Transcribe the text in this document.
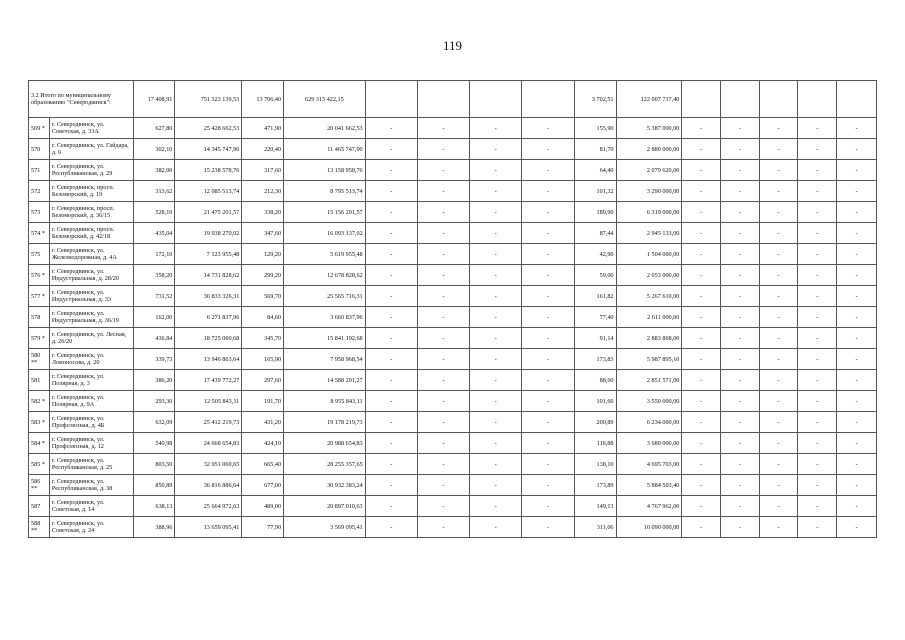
119
3.2 Итого по муниципальному образованию "Северодвинск":		17 408,91	751 323 139,53	13 706,40	629 315 422,15					3 702,51	122 007 717,40					
569 *	г. Северодвинск, ул. Советская, д. 33А	627,80	25 428 662,53	471,90	20 041 662,53	-	-	-	-	155,90	5 387 000,00	-	-	-	-	-
570	г. Северодвинск, ул. Гайдара, д. 6	302,10	14 345 747,90	220,40	11 465 747,90	-	-	-	-	81,70	2 880 000,00	-	-	-	-	-
571	г. Северодвинск, ул. Республиканская, д. 29	382,00	15 238 578,76	317,60	13 158 958,76	-	-	-	-	64,40	2 079 620,00	-	-	-	-	-
572	г. Северодвинск, просп. Беломорский, д. 19	313,62	12 085 513,74	212,30	8 795 513,74	-	-	-	-	101,32	3 290 000,00	-	-	-	-	-
573	г. Северодвинск, просп. Беломорский, д. 36/15	528,10	21 475 201,57	338,20	15 156 201,57	-	-	-	-	189,90	6 319 000,00	-	-	-	-	-
574 *	г. Северодвинск, просп. Беломорский, д. 42/18	435,04	19 038 270,02	347,60	16 093 137,02	-	-	-	-	87,44	2 945 133,00	-	-	-	-	-
575	г. Северодвинск, ул. Железнодорожная, д. 4А	172,10	7 123 955,48	129,20	5 619 955,48	-	-	-	-	42,90	1 504 000,00	-	-	-	-	-
576 *	г. Северодвинск, ул. Индустриальная, д. 28/20	358,20	14 731 828,62	299,20	12 678 828,62	-	-	-	-	59,00	2 053 000,00	-	-	-	-	-
577 *	г. Северодвинск, ул. Индустриальная, д. 33	731,52	30 833 326,31	569,70	25 565 716,31	-	-	-	-	161,82	5 267 610,00	-	-	-	-	-
578	г. Северодвинск, ул. Индустриальная, д. 36/19	162,00	6 271 837,96	84,60	3 660 837,96	-	-	-	-	77,40	2 611 000,00	-	-	-	-	-
579 *	г. Северодвинск, ул. Лесная, д. 26/20	436,84	18 725 060,68	345,70	15 841 192,68	-	-	-	-	91,14	2 883 868,00	-	-	-	-	-
580 **	г. Северодвинск, ул. Ломоносова, д. 20	339,73	13 946 863,64	165,90	7 958 968,54	-	-	-	-	173,83	5 987 895,10	-	-	-	-	-
581	г. Северодвинск, ул. Полярная, д. 3	386,20	17 439 772,27	297,60	14 588 201,27	-	-	-	-	88,60	2 851 571,00	-	-	-	-	-
582 *	г. Северодвинск, ул. Полярная, д. 9А	293,30	12 505 843,11	191,70	8 955 843,11	-	-	-	-	101,60	3 550 000,00	-	-	-	-	-
583 *	г. Северодвинск, ул. Профсоюзная, д. 4Б	632,09	25 412 219,73	431,20	19 178 219,73	-	-	-	-	200,89	6 234 000,00	-	-	-	-	-
584 *	г. Северодвинск, ул. Профсоюзная, д. 12	540,98	24 668 654,83	424,10	20 988 654,83	-	-	-	-	116,88	3 680 000,00	-	-	-	-	-
585 *	г. Северодвинск, ул. Республиканская, д. 25	803,50	32 951 060,65	665,40	28 255 357,65	-	-	-	-	138,10	4 695 703,00	-	-	-	-	-
586 **	г. Северодвинск, ул. Республиканская, д. 38	850,89	36 816 886,64	677,00	30 932 383,24	-	-	-	-	173,89	5 884 503,40	-	-	-	-	-
587	г. Северодвинск, ул. Советская, д. 14	638,13	25 664 972,63	489,00	20 897 010,63	-	-	-	-	149,13	4 767 962,00	-	-	-	-	-
588 **	г. Северодвинск, ул. Советская, д. 24	388,96	13 659 095,41	77,90	3 569 095,41	-	-	-	-	311,06	10 090 000,00	-	-	-	-	-
